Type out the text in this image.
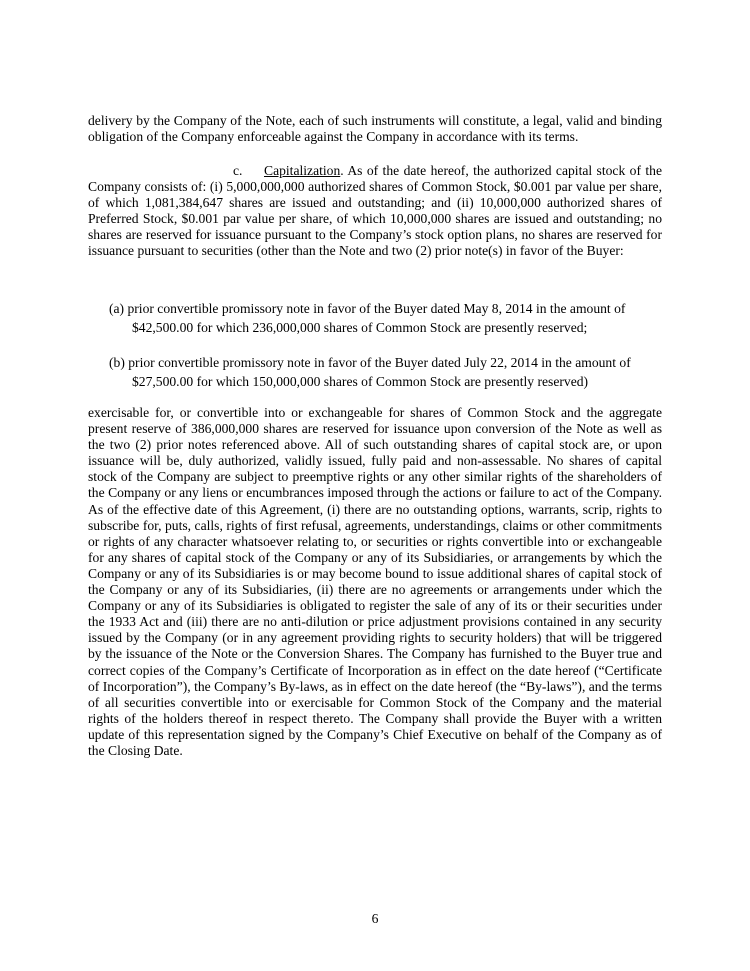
delivery by the Company of the Note, each of such instruments will constitute, a legal, valid and binding obligation of the Company enforceable against the Company in accordance with its terms.

c. Capitalization. As of the date hereof, the authorized capital stock of the Company consists of: (i) 5,000,000,000 authorized shares of Common Stock, $0.001 par value per share, of which 1,081,384,647 shares are issued and outstanding; and (ii) 10,000,000 authorized shares of Preferred Stock, $0.001 par value per share, of which 10,000,000 shares are issued and outstanding; no shares are reserved for issuance pursuant to the Company’s stock option plans, no shares are reserved for issuance pursuant to securities (other than the Note and two (2) prior note(s) in favor of the Buyer:

(a) prior convertible promissory note in favor of the Buyer dated May 8, 2014 in the amount of $42,500.00 for which 236,000,000 shares of Common Stock are presently reserved;

(b) prior convertible promissory note in favor of the Buyer dated July 22, 2014 in the amount of $27,500.00 for which 150,000,000 shares of Common Stock are presently reserved)

exercisable for, or convertible into or exchangeable for shares of Common Stock and the aggregate present reserve of 386,000,000 shares are reserved for issuance upon conversion of the Note as well as the two (2) prior notes referenced above. All of such outstanding shares of capital stock are, or upon issuance will be, duly authorized, validly issued, fully paid and non-assessable. No shares of capital stock of the Company are subject to preemptive rights or any other similar rights of the shareholders of the Company or any liens or encumbrances imposed through the actions or failure to act of the Company. As of the effective date of this Agreement, (i) there are no outstanding options, warrants, scrip, rights to subscribe for, puts, calls, rights of first refusal, agreements, understandings, claims or other commitments or rights of any character whatsoever relating to, or securities or rights convertible into or exchangeable for any shares of capital stock of the Company or any of its Subsidiaries, or arrangements by which the Company or any of its Subsidiaries is or may become bound to issue additional shares of capital stock of the Company or any of its Subsidiaries, (ii) there are no agreements or arrangements under which the Company or any of its Subsidiaries is obligated to register the sale of any of its or their securities under the 1933 Act and (iii) there are no anti-dilution or price adjustment provisions contained in any security issued by the Company (or in any agreement providing rights to security holders) that will be triggered by the issuance of the Note or the Conversion Shares. The Company has furnished to the Buyer true and correct copies of the Company’s Certificate of Incorporation as in effect on the date hereof (“Certificate of Incorporation”), the Company’s By-laws, as in effect on the date hereof (the “By-laws”), and the terms of all securities convertible into or exercisable for Common Stock of the Company and the material rights of the holders thereof in respect thereto. The Company shall provide the Buyer with a written update of this representation signed by the Company’s Chief Executive on behalf of the Company as of the Closing Date.

6
